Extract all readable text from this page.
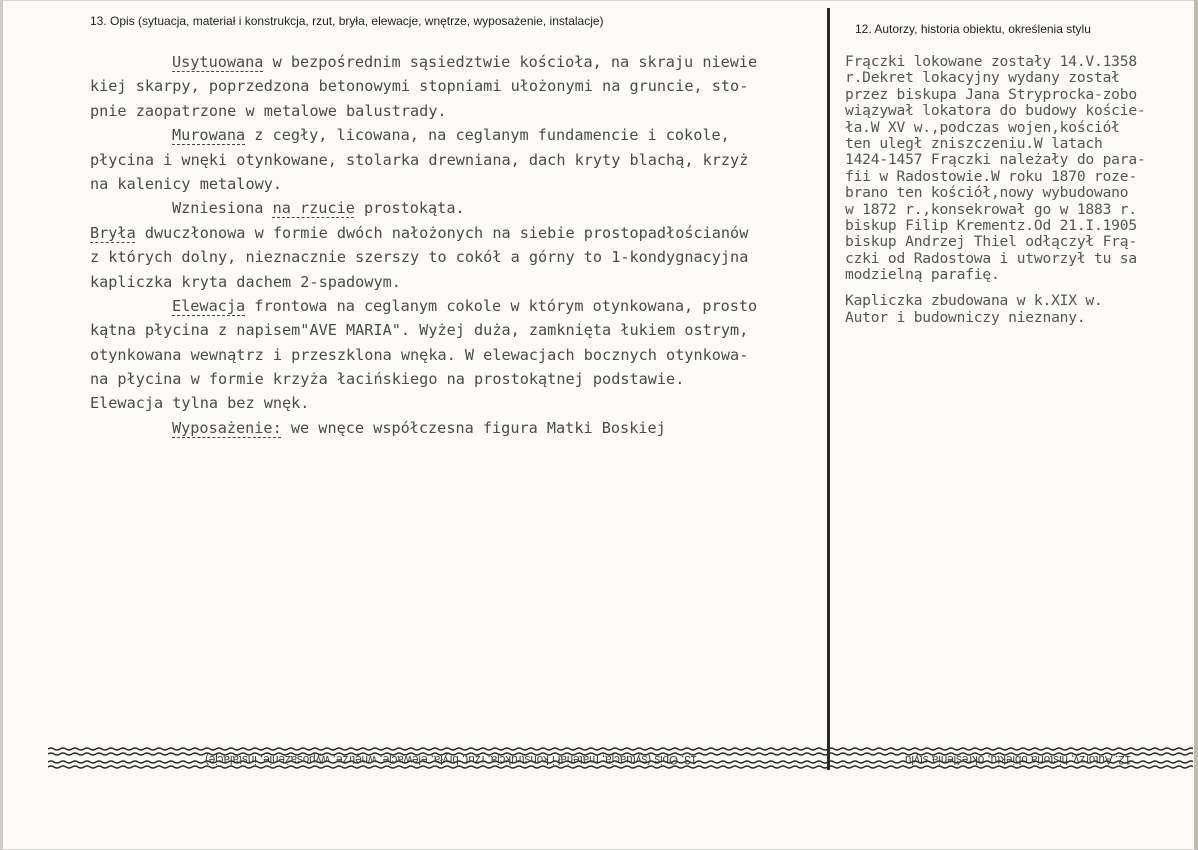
13. Opis (sytuacja, materiał i konstrukcja, rzut, bryła, elewacje, wnętrze, wyposażenie, instalacje)
12. Autorzy, historia obiektu, określenia stylu
Usytuowana w bezpośrednim sąsiedztwie kościoła, na skraju niewie
kiej skarpy, poprzedzona betonowymi stopniami ułożonymi na gruncie, sto-
pnie zaopatrzone w metalowe balustrady.
Murowana z cegły, licowana, na ceglanym fundamencie i cokole,
płycina i wnęki otynkowane, stolarka drewniana, dach kryty blachą, krzyż
na kalenicy metalowy.
Wzniesiona na rzucie prostokąta.
Bryła dwuczłonowa w formie dwóch nałożonych na siebie prostopadłościanów
z których dolny, nieznacznie szerszy to cokół a górny to 1-kondygnacyjna
kapliczka kryta dachem 2-spadowym.
Elewacja frontowa na ceglanym cokole w którym otynkowana, prosto
kątna płycina z napisem"AVE MARIA". Wyżej duża, zamknięta łukiem ostrym,
otynkowana wewnątrz i przeszklona wnęka. W elewacjach bocznych otynkowa-
na płycina w formie krzyża łacińskiego na prostokątnej podstawie.
Elewacja tylna bez wnęk.
Wyposażenie: we wnęce współczesna figura Matki Boskiej
Frączki lokowane zostały 14.V.1358
r.Dekret lokacyjny wydany został
przez biskupa Jana Stryprocka-zobo
wiązywał lokatora do budowy koście-
ła.W XV w.,podczas wojen,kościół
ten uległ zniszczeniu.W latach
1424-1457 Frączki należały do para-
fii w Radostowie.W roku 1870 roze-
brano ten kościół,nowy wybudowano
w 1872 r.,konsekrował go w 1883 r.
biskup Filip Krementz.Od 21.I.1905
biskup Andrzej Thiel odłączył Frą-
czki od Radostowa i utworzył tu sa
modzielną parafię.
Kapliczka zbudowana w k.XIX w.
Autor i budowniczy nieznany.
13. Opis (sytuacja, materiał i konstrukcja, rzut, bryła, elewacje, wnętrze, wyposażenie, instalacje)	12. Autorzy, historia obiektu, określenia stylu
